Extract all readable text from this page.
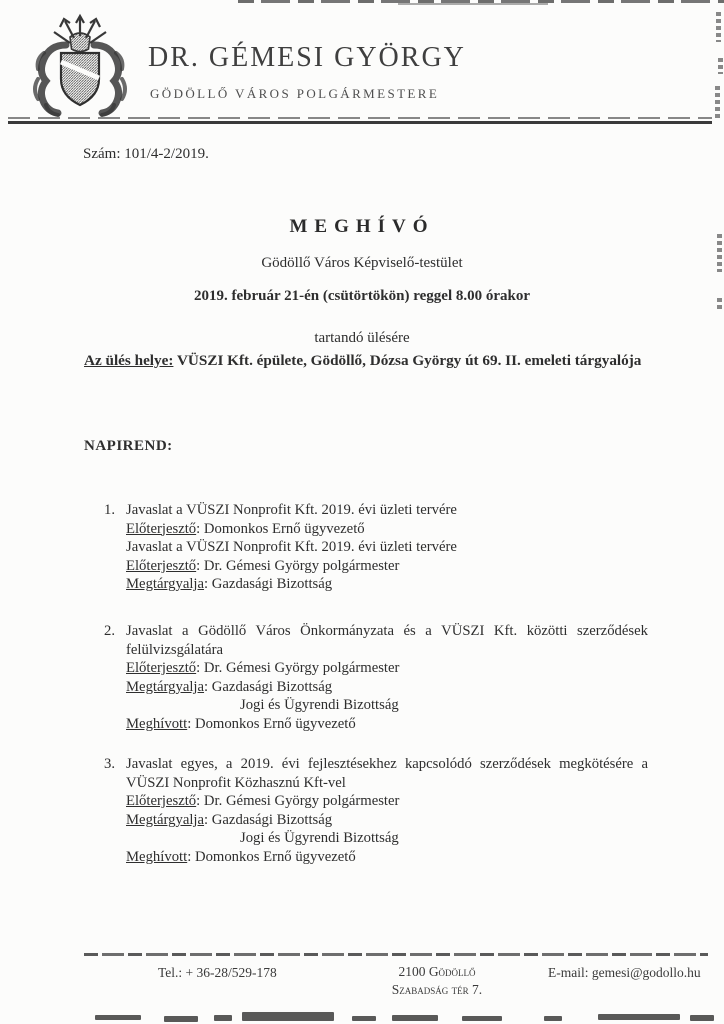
DR. GÉMESI GYÖRGY
GÖDÖLLŐ VÁROS POLGÁRMESTERE
Szám: 101/4-2/2019.
MEGHÍVÓ
Gödöllő Város Képviselő-testület
2019. február 21-én (csütörtökön) reggel 8.00 órakor
tartandó ülésére
Az ülés helye: VÜSZI Kft. épülete, Gödöllő, Dózsa György út 69. II. emeleti tárgyalója
NAPIREND:
1. Javaslat a VÜSZI Nonprofit Kft. 2019. évi üzleti tervére
Előterjesztő: Domonkos Ernő ügyvezető
Javaslat a VÜSZI Nonprofit Kft. 2019. évi üzleti tervére
Előterjesztő: Dr. Gémesi György polgármester
Megtárgyalja: Gazdasági Bizottság
2. Javaslat a Gödöllő Város Önkormányzata és a VÜSZI Kft. közötti szerződések felülvizsgálatára
Előterjesztő: Dr. Gémesi György polgármester
Megtárgyalja: Gazdasági Bizottság
Jogi és Ügyrendi Bizottság
Meghívott: Domonkos Ernő ügyvezető
3. Javaslat egyes, a 2019. évi fejlesztésekhez kapcsolódó szerződések megkötésére a VÜSZI Nonprofit Közhasznú Kft-vel
Előterjesztő: Dr. Gémesi György polgármester
Megtárgyalja: Gazdasági Bizottság
Jogi és Ügyrendi Bizottság
Meghívott: Domonkos Ernő ügyvezető
Tel.: + 36-28/529-178	2100 Gödöllő
Szabadság tér 7.
E-mail: gemesi@godollo.hu
